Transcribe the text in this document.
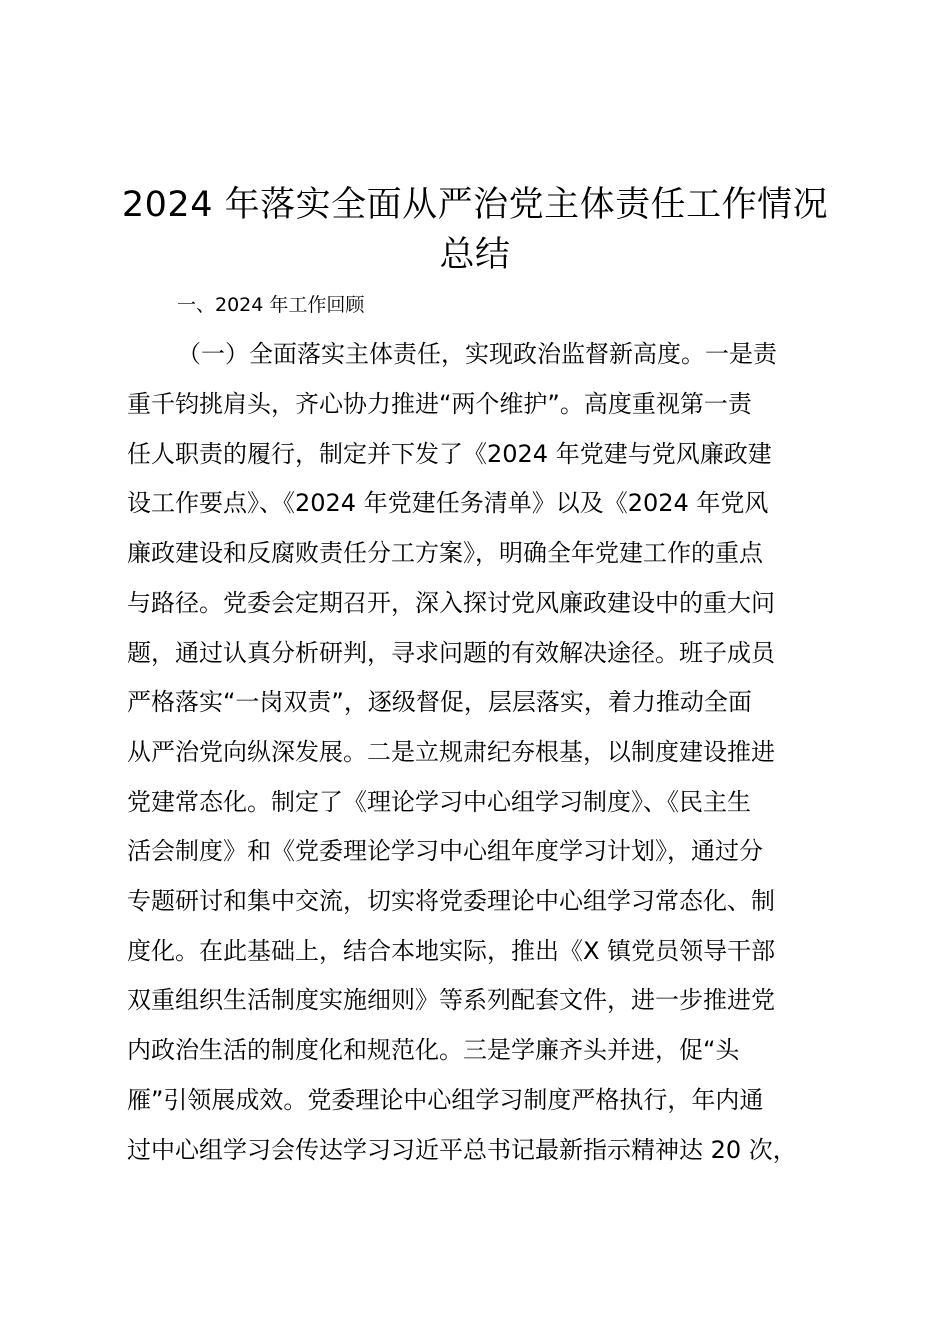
2024 年落实全面从严治党主体责任工作情况
总结

一、2024 年工作回顾

（一）全面落实主体责任，实现政治监督新高度。一是责

重千钧挑肩头，齐心协力推进“两个维护”。高度重视第一责

任人职责的履行，制定并下发了《2024 年党建与党风廉政建

设工作要点》、《2024 年党建任务清单》以及《2024 年党风

廉政建设和反腐败责任分工方案》，明确全年党建工作的重点

与路径。党委会定期召开，深入探讨党风廉政建设中的重大问

题，通过认真分析研判，寻求问题的有效解决途径。班子成员

严格落实“一岗双责”，逐级督促，层层落实，着力推动全面

从严治党向纵深发展。二是立规肃纪夯根基，以制度建设推进

党建常态化。制定了《理论学习中心组学习制度》、《民主生

活会制度》和《党委理论学习中心组年度学习计划》，通过分

专题研讨和集中交流，切实将党委理论中心组学习常态化、制

度化。在此基础上，结合本地实际，推出《X 镇党员领导干部

双重组织生活制度实施细则》等系列配套文件，进一步推进党

内政治生活的制度化和规范化。三是学廉齐头并进，促“头

雁”引领展成效。党委理论中心组学习制度严格执行，年内通

过中心组学习会传达学习习近平总书记最新指示精神达 20 次，
